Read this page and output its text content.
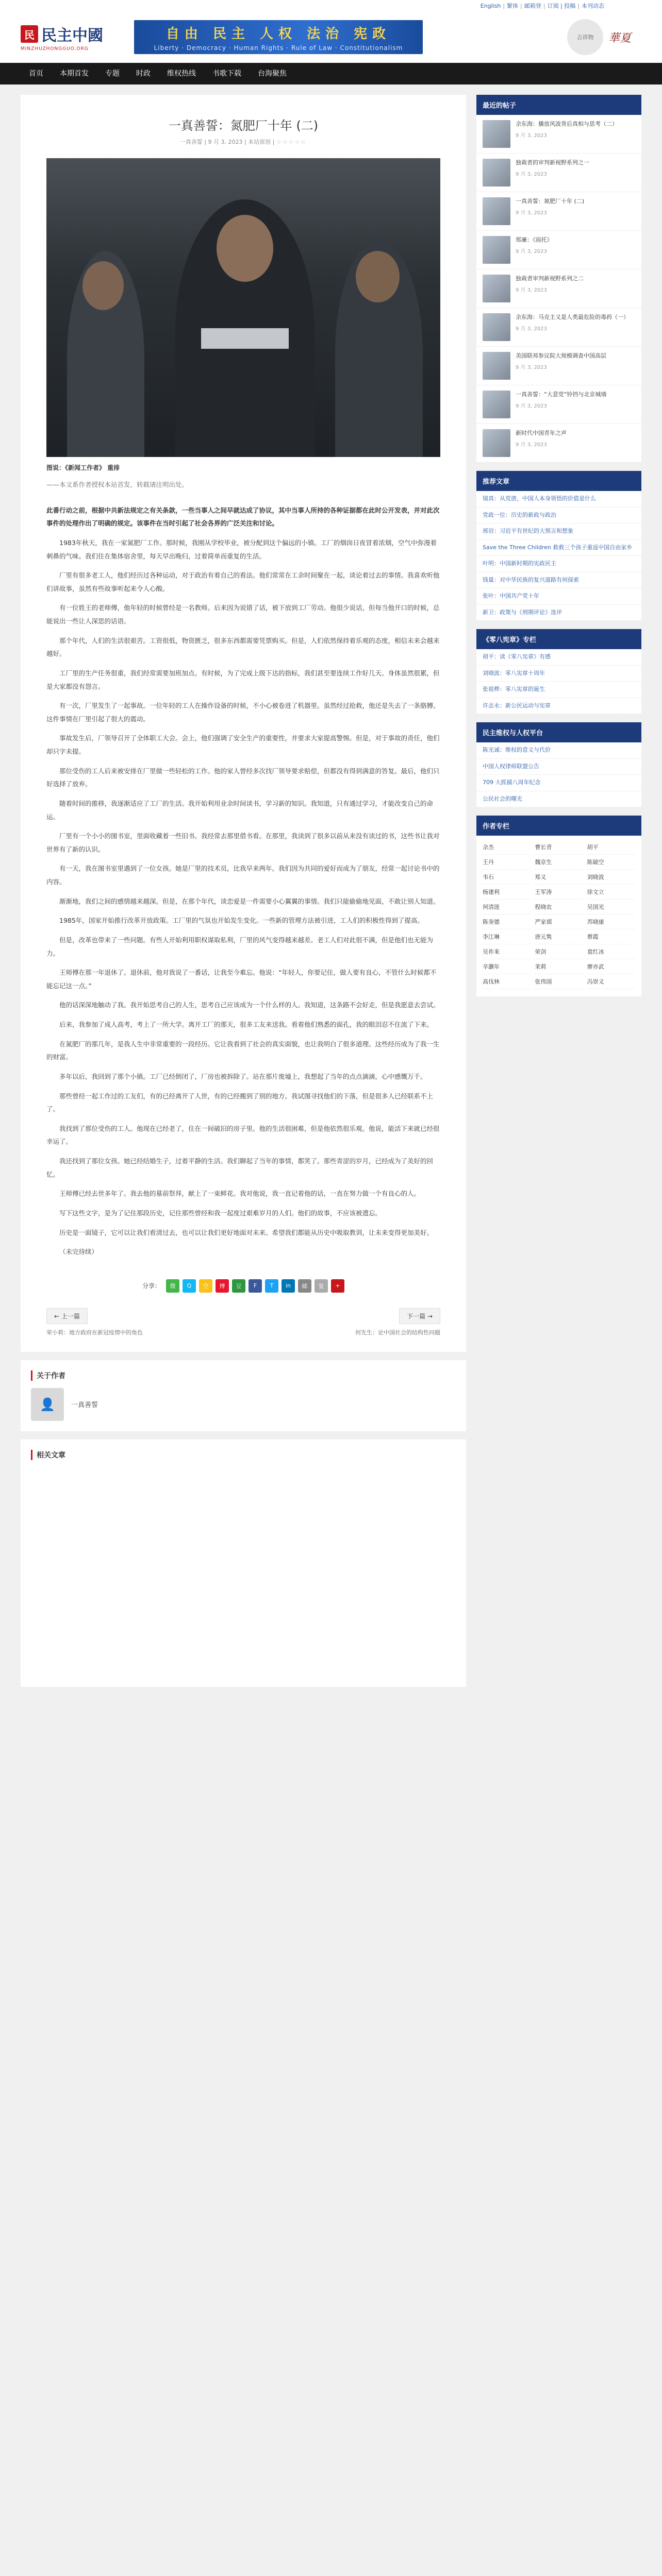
English | 繁体 | 邮箱登 | 订阅 | 投稿 | 本刊动态
民 民主中國
MINZHUZHONGGUO.ORG
自由 民主 人权 法治 宪政
Liberty · Democracy · Human Rights · Rule of Law · Constitutionalism
吉祥物	華夏
首页	本期首发	专题	时政	维权热线	书歌下载	台海聚焦
一真善誓：氮肥厂十年 (二)
一真善誓 | 9 月 3, 2023 | 本站原创 | ☆☆☆☆☆

图说：《新闻工作者》 重排

——本文系作者授权本站首发，转载请注明出处。

此番行动之前，根据中共新法规定之有关条款，一些当事人之间早就达成了协议，其中当事人所持的各种证据都在此时公开发表，并对此次事件的处理作出了明确的规定。该事件在当时引起了社会各界的广泛关注和讨论。

1983年秋天，我在一家氮肥厂工作。那时候，我刚从学校毕业，被分配到这个偏远的小镇。工厂的烟囱日夜冒着浓烟，空气中弥漫着刺鼻的气味。我们住在集体宿舍里，每天早出晚归，过着简单而重复的生活。

厂里有很多老工人，他们经历过各种运动，对于政治有着自己的看法。他们常常在工余时间聚在一起，谈论着过去的事情。我喜欢听他们讲故事，虽然有些故事听起来令人心酸。

有一位姓王的老师傅，他年轻的时候曾经是一名教师。后来因为说错了话，被下放到工厂劳动。他很少说话，但每当他开口的时候，总能说出一些让人深思的话语。

那个年代，人们的生活很艰苦。工资很低，物资匮乏，很多东西都需要凭票购买。但是，人们依然保持着乐观的态度，相信未来会越来越好。

工厂里的生产任务很重，我们经常需要加班加点。有时候，为了完成上级下达的指标，我们甚至要连续工作好几天。身体虽然很累，但是大家都没有怨言。

有一次，厂里发生了一起事故。一位年轻的工人在操作设备的时候，不小心被卷进了机器里。虽然经过抢救，他还是失去了一条胳膊。这件事情在厂里引起了很大的震动。

事故发生后，厂领导召开了全体职工大会。会上，他们强调了安全生产的重要性，并要求大家提高警惕。但是，对于事故的责任，他们却只字未提。

那位受伤的工人后来被安排在厂里做一些轻松的工作。他的家人曾经多次找厂领导要求赔偿，但都没有得到满意的答复。最后，他们只好选择了放弃。

随着时间的推移，我逐渐适应了工厂的生活。我开始利用业余时间读书，学习新的知识。我知道，只有通过学习，才能改变自己的命运。

厂里有一个小小的图书室，里面收藏着一些旧书。我经常去那里借书看。在那里，我读到了很多以前从来没有读过的书，这些书让我对世界有了新的认识。

有一天，我在图书室里遇到了一位女孩。她是厂里的技术员，比我早来两年。我们因为共同的爱好而成为了朋友，经常一起讨论书中的内容。

渐渐地，我们之间的感情越来越深。但是，在那个年代，谈恋爱是一件需要小心翼翼的事情。我们只能偷偷地见面，不敢让别人知道。

1985年，国家开始推行改革开放政策。工厂里的气氛也开始发生变化。一些新的管理方法被引进，工人们的积极性得到了提高。

但是，改革也带来了一些问题。有些人开始利用职权谋取私利，厂里的风气变得越来越差。老工人们对此很不满，但是他们也无能为力。

王师傅在那一年退休了。退休前，他对我说了一番话，让我至今难忘。他说：“年轻人，你要记住，做人要有良心，不管什么时候都不能忘记这一点。”

他的话深深地触动了我。我开始思考自己的人生，思考自己应该成为一个什么样的人。我知道，这条路不会好走，但是我愿意去尝试。

后来，我参加了成人高考，考上了一所大学。离开工厂的那天，很多工友来送我。看着他们熟悉的面孔，我的眼泪忍不住流了下来。

在氮肥厂的那几年，是我人生中非常重要的一段经历。它让我看到了社会的真实面貌，也让我明白了很多道理。这些经历成为了我一生的财富。

多年以后，我回到了那个小镇。工厂已经倒闭了，厂房也被拆除了。站在那片废墟上，我想起了当年的点点滴滴，心中感慨万千。

那些曾经一起工作过的工友们，有的已经离开了人世，有的已经搬到了别的地方。我试图寻找他们的下落，但是很多人已经联系不上了。

我找到了那位受伤的工人。他现在已经老了，住在一间破旧的房子里。他的生活很困难，但是他依然很乐观。他说，能活下来就已经很幸运了。

我还找到了那位女孩。她已经结婚生子，过着平静的生活。我们聊起了当年的事情，都笑了。那些青涩的岁月，已经成为了美好的回忆。

王师傅已经去世多年了。我去他的墓前祭拜，献上了一束鲜花。我对他说，我一直记着他的话，一直在努力做一个有良心的人。

写下这些文字，是为了记住那段历史，记住那些曾经和我一起度过艰难岁月的人们。他们的故事，不应该被遗忘。

历史是一面镜子，它可以让我们看清过去，也可以让我们更好地面对未来。希望我们都能从历史中吸取教训，让未来变得更加美好。

（未完待续）

分享：	微	Q	空	博	豆	F	T	in	邮	复	+
← 上一篇	下一篇 →
荣小莉：地方政府在新冠疫情中的角色	何先生：论中国社会的结构性问题
关于作者
👤	一真善誓
相关文章
最近的帖子
余东海：播放风波背后真相与思考（二）
9 月 3, 2023
独裁者的审判新视野系列之一
9 月 3, 2023
一真善誓：氮肥厂十年 (二)
9 月 3, 2023
郑廉：《雨托》
9 月 3, 2023
独裁者审判新视野系列之二
9 月 3, 2023
余东海：马克主义是人类最危险的毒药（一）
9 月 3, 2023
美国联邦参议院大规模调查中国高层
9 月 3, 2023
一真善誓：“大意党”铃铛与北京城墙
9 月 3, 2023
新时代中国青年之声
9 月 3, 2023
推荐文章
镜真：从荒唐，中国人本身领悟的价值是什么
党政一位：历史的新政与政治
邢岩：习近平有世纪的大预言和想象
Save the Three Children 救救三个孩子重返中国自由家乡
叶明：中国新时期的宪政民主
钱量：对中华民族的复兴道路有何探索
张叶：中国共产党十年
新卫：政策与《刑期评论》选评
《零八宪章》专栏
胡平：读《零八宪章》有感
刘晓波：零八宪章十周年
张祖桦：零八宪章的诞生
许志永：新公民运动与宪章
民主维权与人权平台
陈光诚：维权的意义与代价
中国人权律师联盟公告
709 大抓捕八周年纪念
公民社会的曙光
作者专栏
余杰	曹长青	胡平
王丹	魏京生	陈破空
韦石	郑义	刘晓波
杨建利	王军涛	徐文立
何清涟	程晓农	吴国光
陈奎德	严家祺	苏晓康
李江琳	唐元隽	蔡霞
吴祚来	荣剑	袁红冰
辛灏年	茉莉	廖亦武
高伐林	张伟国	冯崇义
